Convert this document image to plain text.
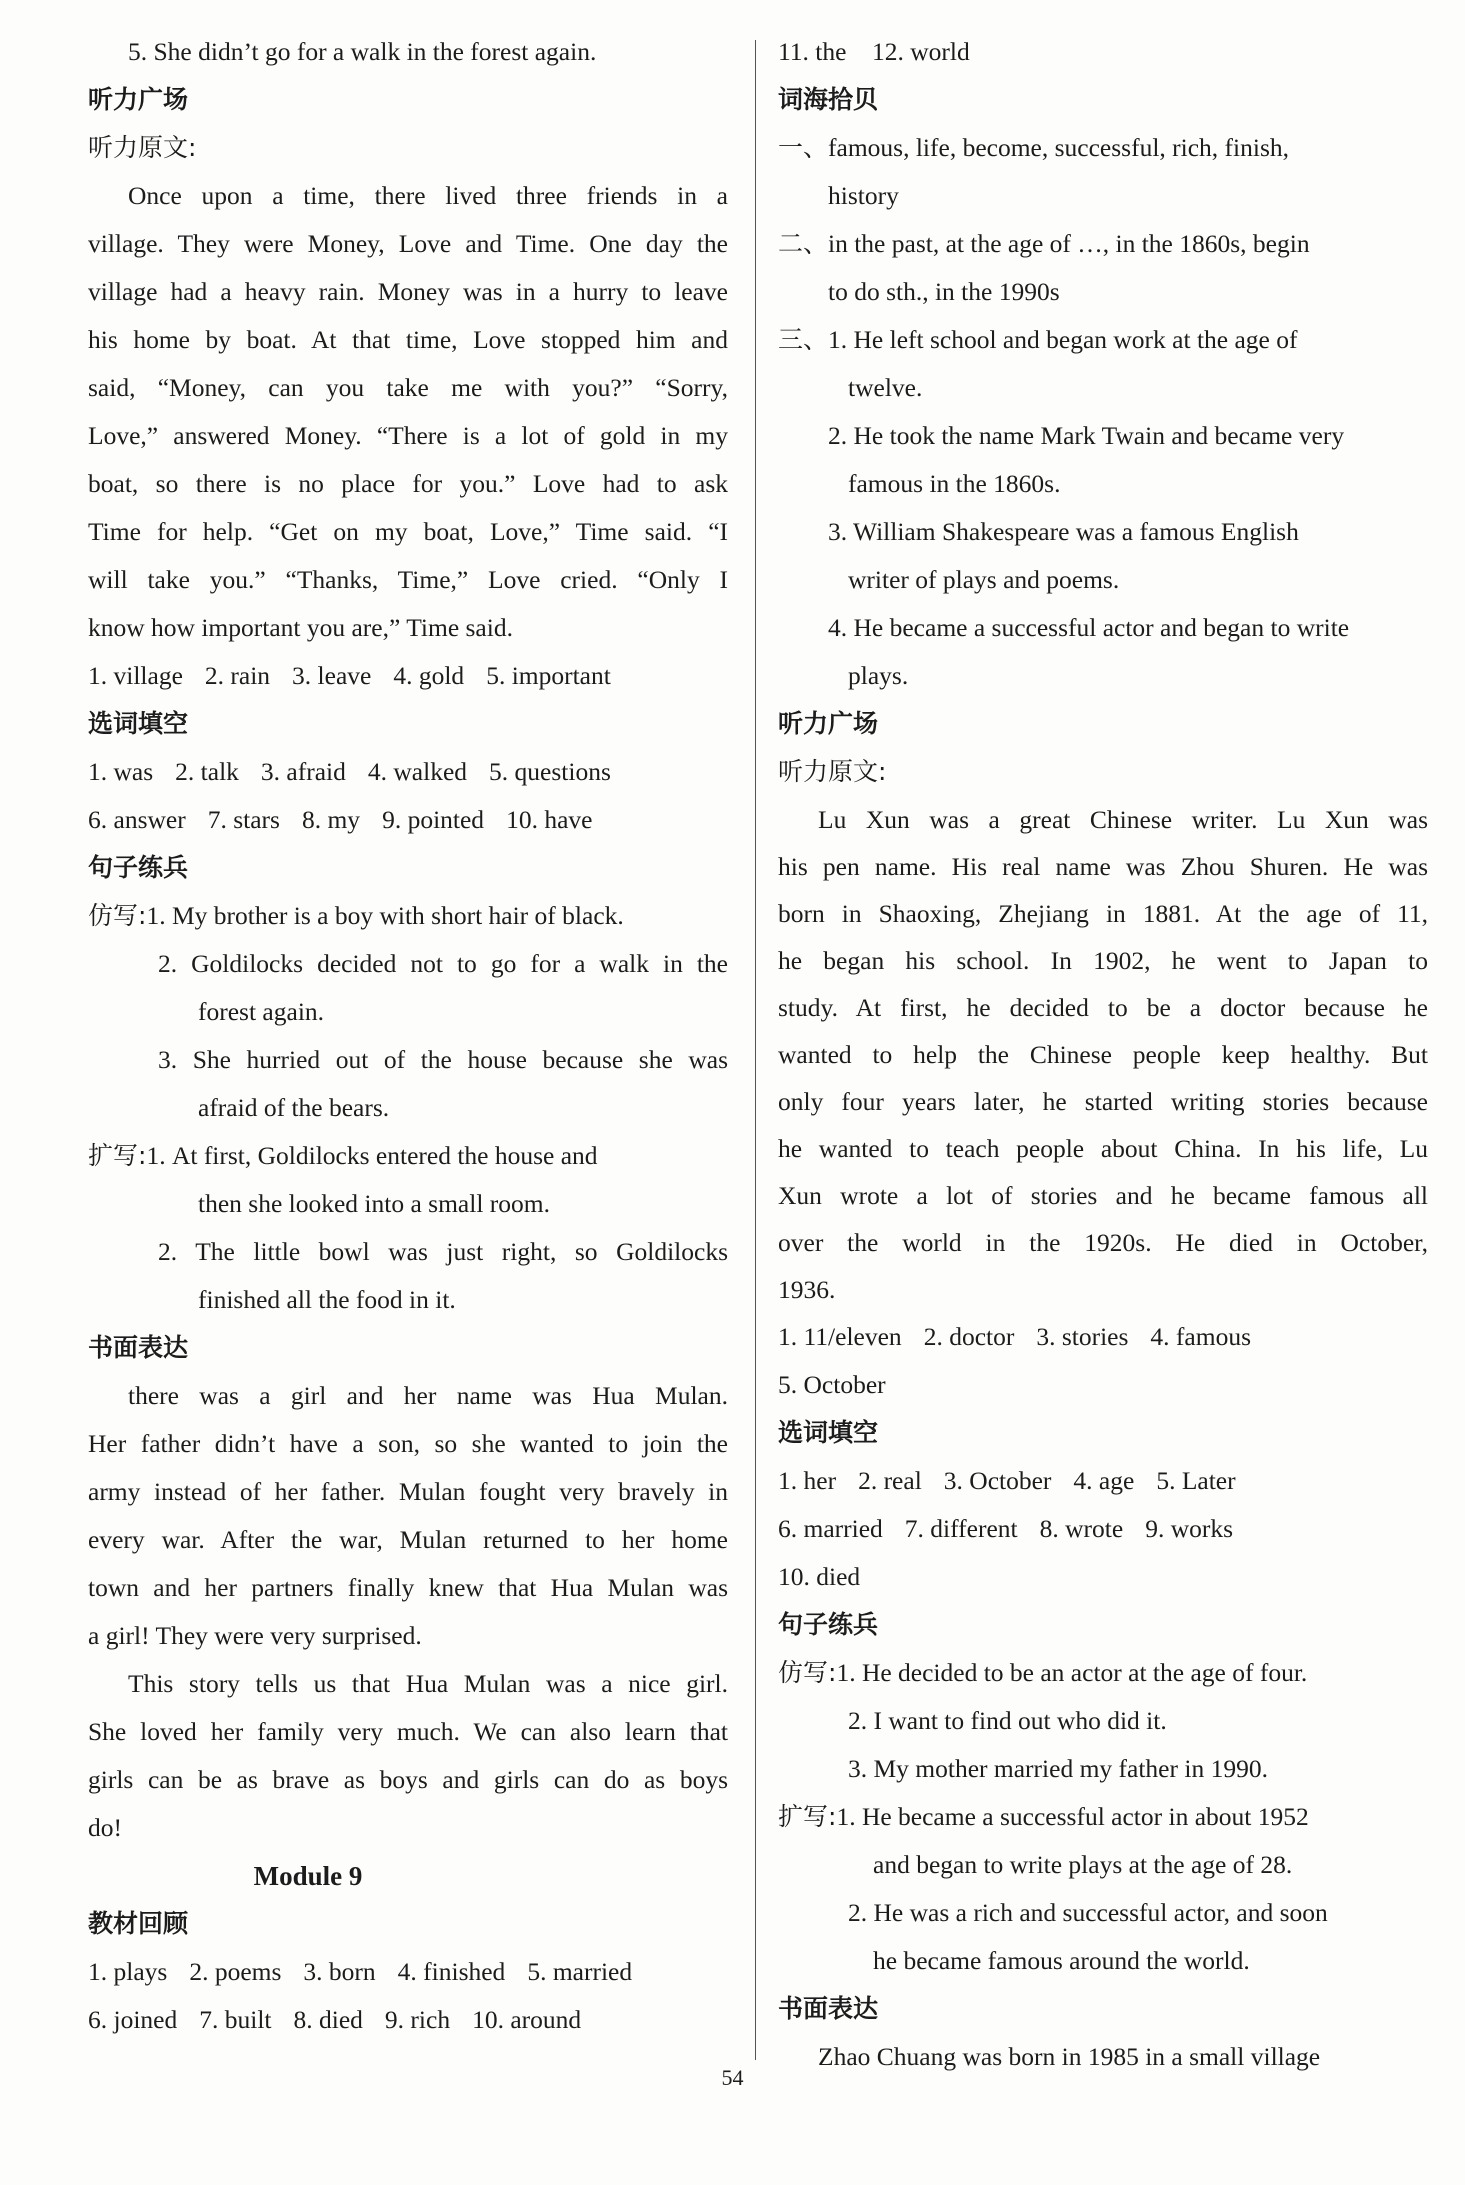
5. She didn’t go for a walk in the forest again.
听力广场
听力原文:
Once upon a time, there lived three friends in a
village. They were Money, Love and Time. One day the
village had a heavy rain. Money was in a hurry to leave
his home by boat. At that time, Love stopped him and
said, “Money, can you take me with you?” “Sorry,
Love,” answered Money. “There is a lot of gold in my
boat, so there is no place for you.” Love had to ask
Time for help. “Get on my boat, Love,” Time said. “I
will take you.” “Thanks, Time,” Love cried. “Only I
know how important you are,” Time said.
1. village 2. rain 3. leave 4. gold 5. important
选词填空
1. was 2. talk 3. afraid 4. walked 5. questions
6. answer 7. stars 8. my 9. pointed 10. have
句子练兵
仿写:1. My brother is a boy with short hair of black.
2. Goldilocks decided not to go for a walk in the
forest again.
3. She hurried out of the house because she was
afraid of the bears.
扩写:1. At first, Goldilocks entered the house and
then she looked into a small room.
2. The little bowl was just right, so Goldilocks
finished all the food in it.
书面表达
there was a girl and her name was Hua Mulan.
Her father didn’t have a son, so she wanted to join the
army instead of her father. Mulan fought very bravely in
every war. After the war, Mulan returned to her home
town and her partners finally knew that Hua Mulan was
a girl! They were very surprised.
This story tells us that Hua Mulan was a nice girl.
She loved her family very much. We can also learn that
girls can be as brave as boys and girls can do as boys
do!
Module 9
教材回顾
1. plays 2. poems 3. born 4. finished 5. married
6. joined 7. built 8. died 9. rich 10. around
11. the    12. world
词海拾贝
一、famous, life, become, successful, rich, finish,
history
二、in the past, at the age of …, in the 1860s, begin
to do sth., in the 1990s
三、1. He left school and began work at the age of
twelve.
2. He took the name Mark Twain and became very
famous in the 1860s.
3. William Shakespeare was a famous English
writer of plays and poems.
4. He became a successful actor and began to write
plays.
听力广场
听力原文:
Lu Xun was a great Chinese writer. Lu Xun was
his pen name. His real name was Zhou Shuren. He was
born in Shaoxing, Zhejiang in 1881. At the age of 11,
he began his school. In 1902, he went to Japan to
study. At first, he decided to be a doctor because he
wanted to help the Chinese people keep healthy. But
only four years later, he started writing stories because
he wanted to teach people about China. In his life, Lu
Xun wrote a lot of stories and he became famous all
over the world in the 1920s. He died in October,
1936.
1. 11/eleven 2. doctor 3. stories 4. famous
5. October
选词填空
1. her 2. real 3. October 4. age 5. Later
6. married 7. different 8. wrote 9. works
10. died
句子练兵
仿写:1. He decided to be an actor at the age of four.
2. I want to find out who did it.
3. My mother married my father in 1990.
扩写:1. He became a successful actor in about 1952
and began to write plays at the age of 28.
2. He was a rich and successful actor, and soon
he became famous around the world.
书面表达
Zhao Chuang was born in 1985 in a small village
54
